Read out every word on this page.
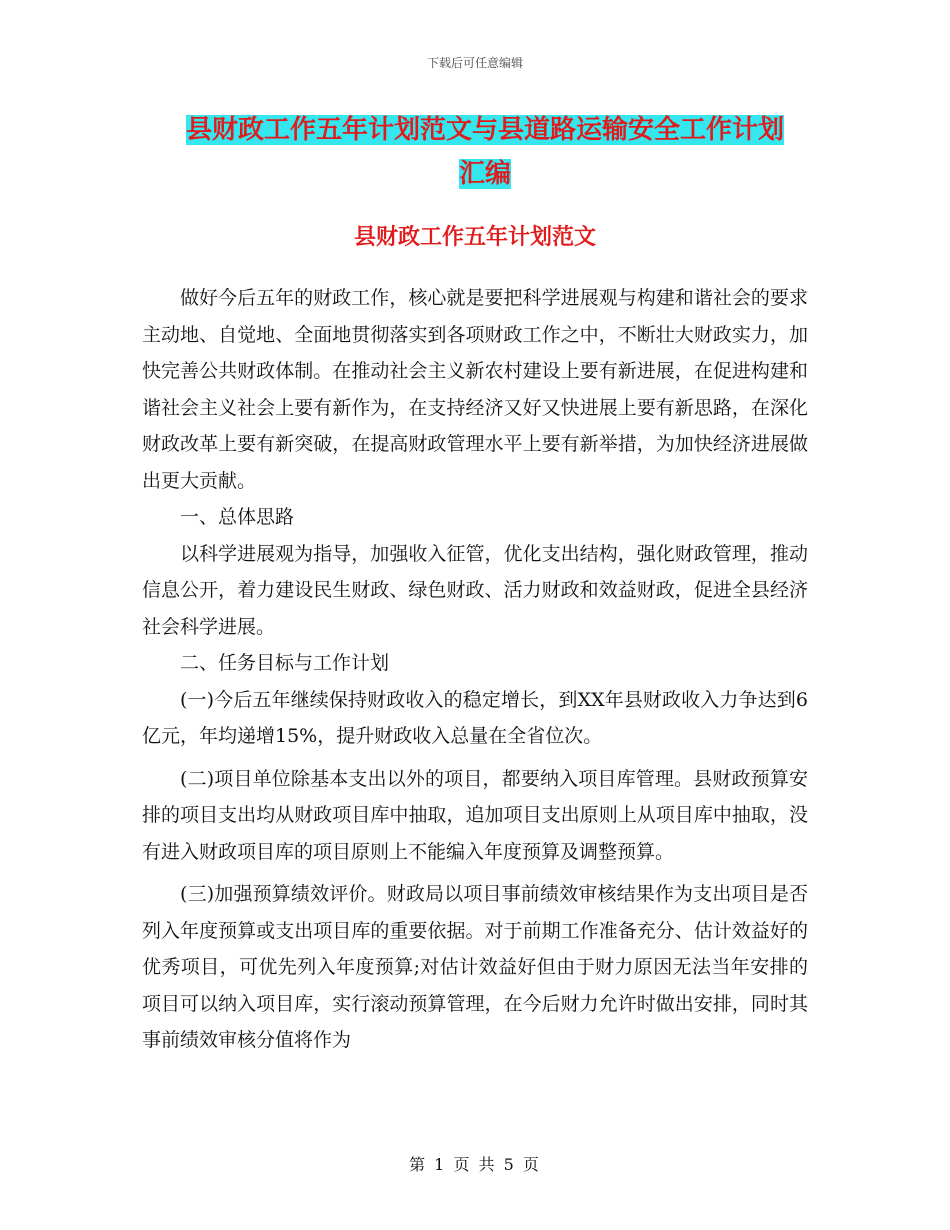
下载后可任意编辑
县财政工作五年计划范文与县道路运输安全工作计划
汇编
县财政工作五年计划范文

做好今后五年的财政工作，核心就是要把科学进展观与构建和谐社会的要求主动地、自觉地、全面地贯彻落实到各项财政工作之中，不断壮大财政实力，加快完善公共财政体制。在推动社会主义新农村建设上要有新进展，在促进构建和谐社会主义社会上要有新作为，在支持经济又好又快进展上要有新思路，在深化财政改革上要有新突破，在提高财政管理水平上要有新举措，为加快经济进展做出更大贡献。

一、总体思路

以科学进展观为指导，加强收入征管，优化支出结构，强化财政管理，推动信息公开，着力建设民生财政、绿色财政、活力财政和效益财政，促进全县经济社会科学进展。

二、任务目标与工作计划

(一)今后五年继续保持财政收入的稳定增长，到XX年县财政收入力争达到6亿元，年均递增15%，提升财政收入总量在全省位次。

(二)项目单位除基本支出以外的项目，都要纳入项目库管理。县财政预算安排的项目支出均从财政项目库中抽取，追加项目支出原则上从项目库中抽取，没有进入财政项目库的项目原则上不能编入年度预算及调整预算。

(三)加强预算绩效评价。财政局以项目事前绩效审核结果作为支出项目是否列入年度预算或支出项目库的重要依据。对于前期工作准备充分、估计效益好的优秀项目，可优先列入年度预算;对估计效益好但由于财力原因无法当年安排的项目可以纳入项目库，实行滚动预算管理，在今后财力允许时做出安排，同时其事前绩效审核分值将作为

第 1 页 共 5 页
